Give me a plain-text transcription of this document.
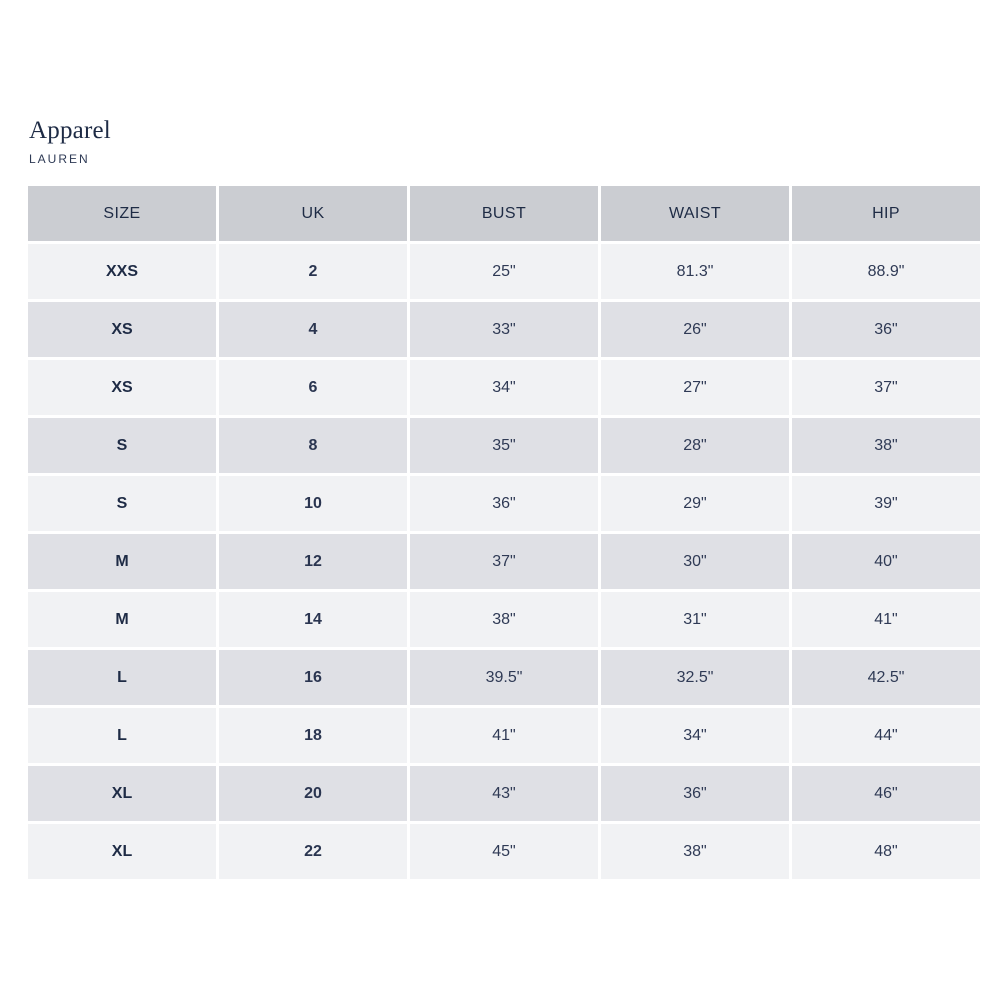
Apparel
LAUREN
SIZE	UK	BUST	WAIST	HIP
XXS	2	25"	81.3"	88.9"
XS	4	33"	26"	36"
XS	6	34"	27"	37"
S	8	35"	28"	38"
S	10	36"	29"	39"
M	12	37"	30"	40"
M	14	38"	31"	41"
L	16	39.5"	32.5"	42.5"
L	18	41"	34"	44"
XL	20	43"	36"	46"
XL	22	45"	38"	48"
